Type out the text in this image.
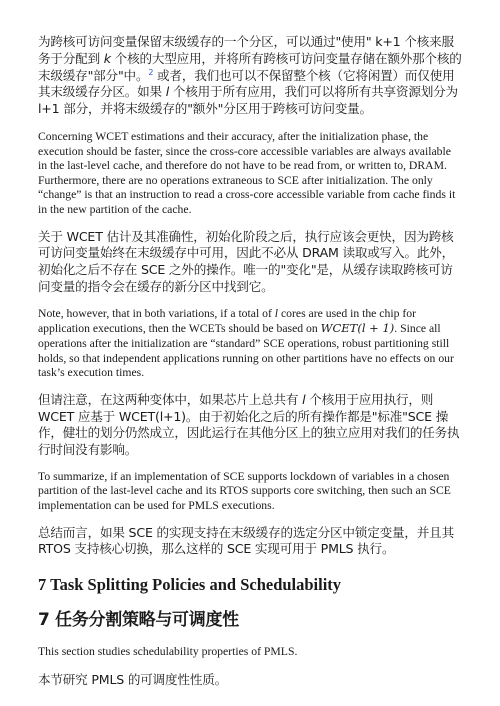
为跨核可访问变量保留末级缓存的一个分区，可以通过"使用" k+1 个核来服务于分配到 k 个核的大型应用，并将所有跨核可访问变量存储在额外那个核的末级缓存"部分"中。$^2$ 或者，我们也可以不保留整个核（它将闲置）而仅使用其末级缓存分区。如果 l 个核用于所有应用，我们可以将所有共享资源划分为 l+1 部分，并将末级缓存的"额外"分区用于跨核可访问变量。

Concerning WCET estimations and their accuracy, after the initialization phase, the execution should be faster, since the cross-core accessible variables are always available in the last-level cache, and therefore do not have to be read from, or written to, DRAM. Furthermore, there are no operations extraneous to SCE after initialization. The only “change” is that an instruction to read a cross-core accessible variable from cache finds it in the new partition of the cache.

关于 WCET 估计及其准确性，初始化阶段之后，执行应该会更快，因为跨核可访问变量始终在末级缓存中可用，因此不必从 DRAM 读取或写入。此外，初始化之后不存在 SCE 之外的操作。唯一的"变化"是，从缓存读取跨核可访问变量的指令会在缓存的新分区中找到它。

Note, however, that in both variations, if a total of l cores are used in the chip for application executions, then the WCETs should be based on WCET(l + 1). Since all operations after the initialization are “standard” SCE operations, robust partitioning still holds, so that independent applications running on other partitions have no effects on our task’s execution times.

但请注意，在这两种变体中，如果芯片上总共有 l 个核用于应用执行，则 WCET 应基于 WCET(l+1)。由于初始化之后的所有操作都是"标准"SCE 操作，健壮的划分仍然成立，因此运行在其他分区上的独立应用对我们的任务执行时间没有影响。

To summarize, if an implementation of SCE supports lockdown of variables in a chosen partition of the last-level cache and its RTOS supports core switching, then such an SCE implementation can be used for PMLS executions.

总结而言，如果 SCE 的实现支持在末级缓存的选定分区中锁定变量，并且其 RTOS 支持核心切换，那么这样的 SCE 实现可用于 PMLS 执行。

7 Task Splitting Policies and Schedulability
7 任务分割策略与可调度性

This section studies schedulability properties of PMLS.

本节研究 PMLS 的可调度性性质。
